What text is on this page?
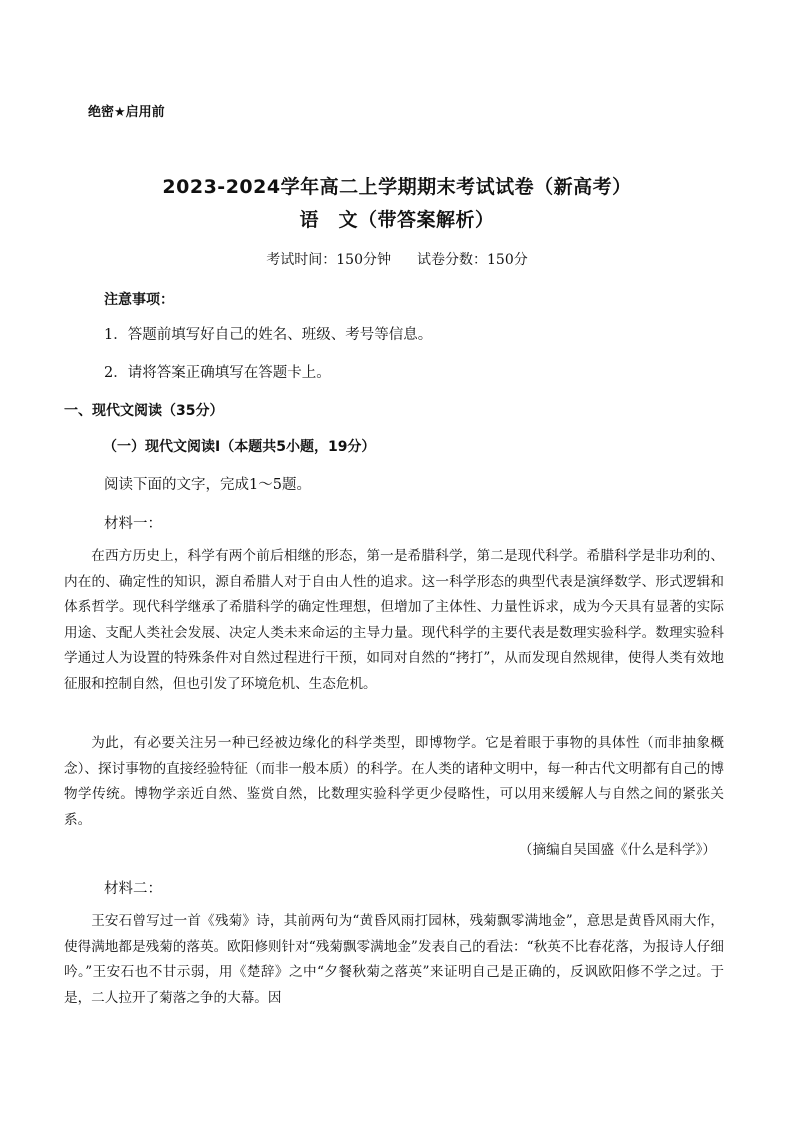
绝密★启用前
2023-2024学年高二上学期期末考试试卷（新高考）
语　文（带答案解析）
考试时间：150分钟 试卷分数：150分
注意事项：
1．答题前填写好自己的姓名、班级、考号等信息。
2．请将答案正确填写在答题卡上。
一、现代文阅读（35分）
（一）现代文阅读Ⅰ（本题共5小题，19分）
阅读下面的文字，完成1～5题。
材料一：

在西方历史上，科学有两个前后相继的形态，第一是希腊科学，第二是现代科学。希腊科学是非功利的、内在的、确定性的知识，源自希腊人对于自由人性的追求。这一科学形态的典型代表是演绎数学、形式逻辑和体系哲学。现代科学继承了希腊科学的确定性理想，但增加了主体性、力量性诉求，成为今天具有显著的实际用途、支配人类社会发展、决定人类未来命运的主导力量。现代科学的主要代表是数理实验科学。数理实验科学通过人为设置的特殊条件对自然过程进行干预，如同对自然的“拷打”，从而发现自然规律，使得人类有效地征服和控制自然，但也引发了环境危机、生态危机。

为此，有必要关注另一种已经被边缘化的科学类型，即博物学。它是着眼于事物的具体性（而非抽象概念）、探讨事物的直接经验特征（而非一般本质）的科学。在人类的诸种文明中，每一种古代文明都有自己的博物学传统。博物学亲近自然、鉴赏自然，比数理实验科学更少侵略性，可以用来缓解人与自然之间的紧张关系。

（摘编自吴国盛《什么是科学》）
材料二：

王安石曾写过一首《残菊》诗，其前两句为“黄昏风雨打园林，残菊飘零满地金”，意思是黄昏风雨大作，使得满地都是残菊的落英。欧阳修则针对“残菊飘零满地金”发表自己的看法：“秋英不比春花落，为报诗人仔细吟。”王安石也不甘示弱，用《楚辞》之中“夕餐秋菊之落英”来证明自己是正确的，反讽欧阳修不学之过。于是，二人拉开了菊落之争的大幕。因
